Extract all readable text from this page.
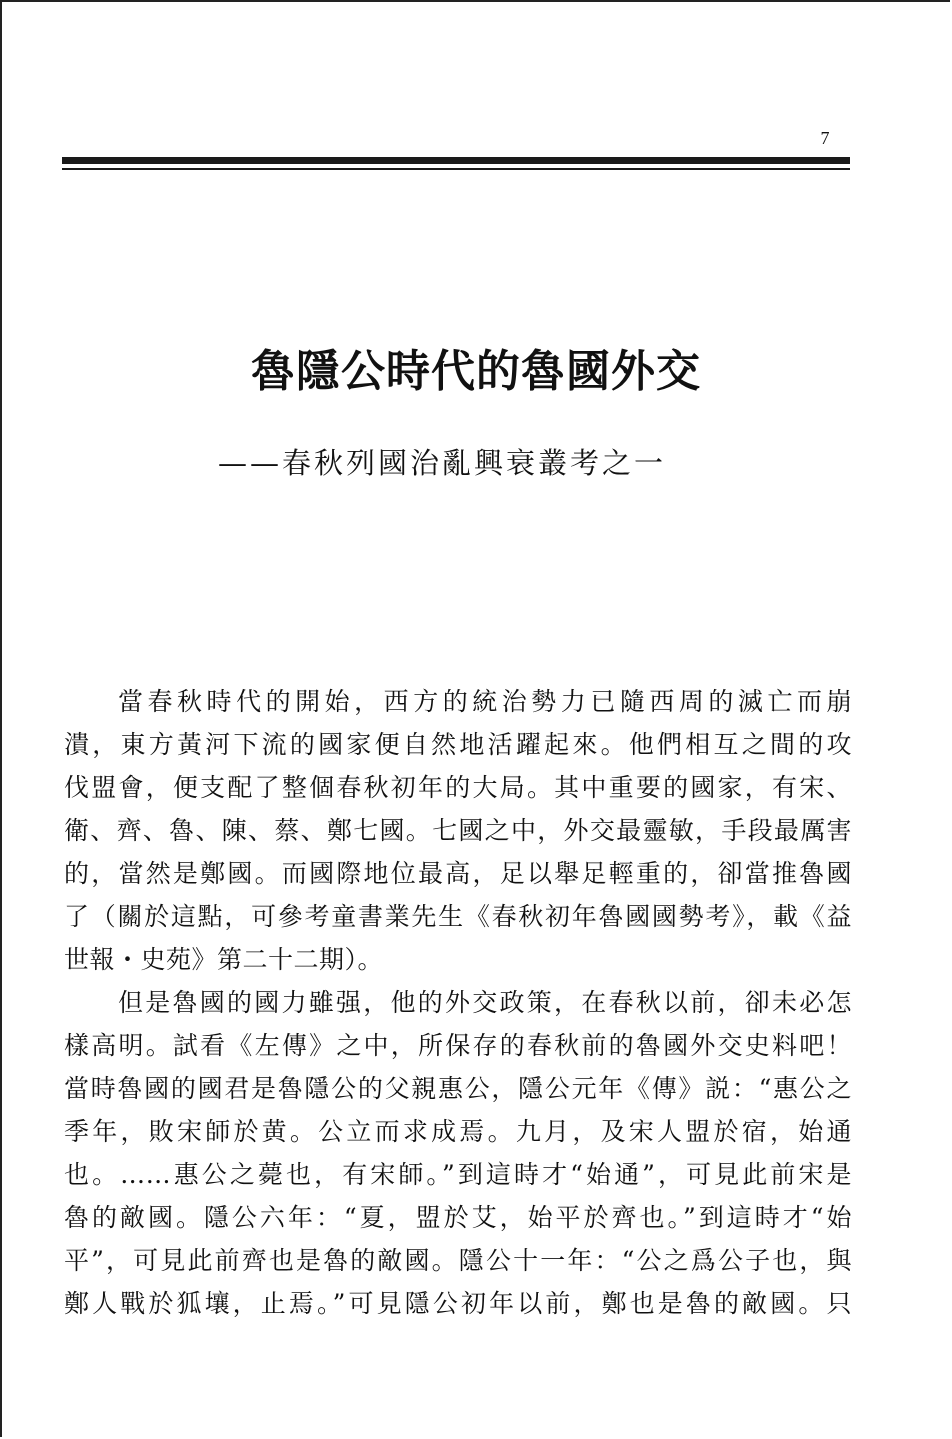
7
魯隱公時代的魯國外交
——春秋列國治亂興衰叢考之一
當春秋時代的開始，西方的統治勢力已隨西周的滅亡而崩
潰，東方黃河下流的國家便自然地活躍起來。他們相互之間的攻
伐盟會，便支配了整個春秋初年的大局。其中重要的國家，有宋、
衛、齊、魯、陳、蔡、鄭七國。七國之中，外交最靈敏，手段最厲害
的，當然是鄭國。而國際地位最高，足以舉足輕重的，卻當推魯國
了（關於這點，可參考童書業先生《春秋初年魯國國勢考》，載《益
世報・史苑》第二十二期）。
但是魯國的國力雖强，他的外交政策，在春秋以前，卻未必怎
樣高明。試看《左傳》之中，所保存的春秋前的魯國外交史料吧！
當時魯國的國君是魯隱公的父親惠公，隱公元年《傳》説：“惠公之
季年，敗宋師於黄。公立而求成焉。九月，及宋人盟於宿，始通
也。……惠公之薨也，有宋師。”到這時才“始通”，可見此前宋是
魯的敵國。隱公六年：“夏，盟於艾，始平於齊也。”到這時才“始
平”，可見此前齊也是魯的敵國。隱公十一年：“公之爲公子也，與
鄭人戰於狐壤，止焉。”可見隱公初年以前，鄭也是魯的敵國。只
